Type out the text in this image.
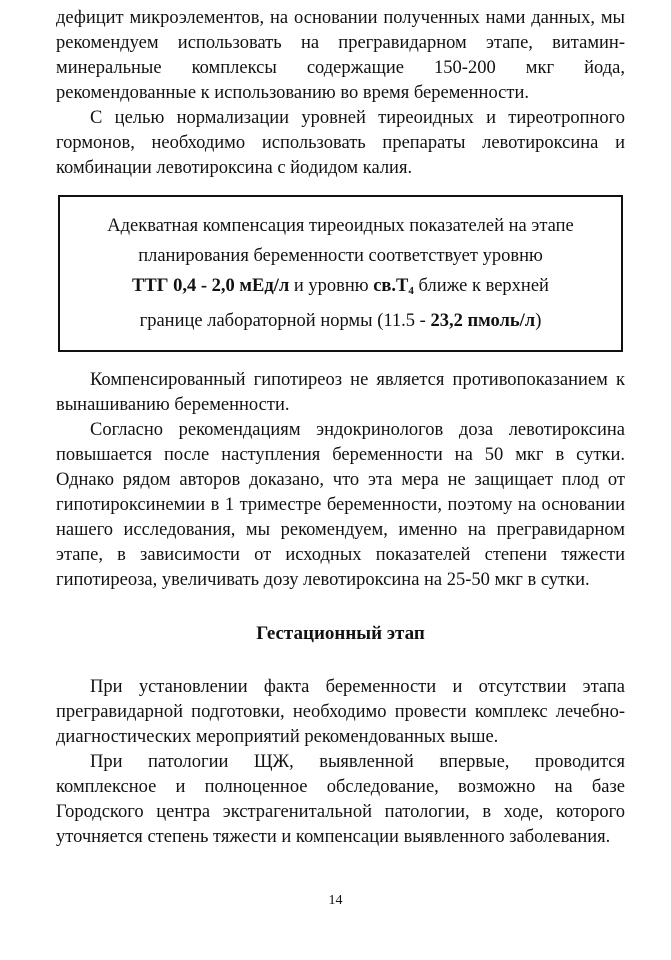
дефицит микроэлементов, на основании полученных нами данных, мы рекомендуем использовать на прегравидарном этапе, витамин-минеральные комплексы содержащие 150-200 мкг йода, рекомендованные к использованию во время беременности.

С целью нормализации уровней тиреоидных и тиреотропного гормонов, необходимо использовать препараты левотироксина и комбинации левотироксина с йодидом калия.

Адекватная компенсация тиреоидных показателей на этапе
планирования беременности соответствует уровню
ТТГ 0,4 - 2,0 мЕд/л и уровню $св.Т_4$ ближе к верхней
границе лабораторной нормы (11.5 - 23,2 пмоль/л)

Компенсированный гипотиреоз не является противопоказанием к вынашиванию беременности.

Согласно рекомендациям эндокринологов доза левотироксина повышается после наступления беременности на 50 мкг в сутки. Однако рядом авторов доказано, что эта мера не защищает плод от гипотироксинемии в 1 триместре беременности, поэтому на основании нашего исследования, мы рекомендуем, именно на прегравидарном этапе, в зависимости от исходных показателей степени тяжести гипотиреоза, увеличивать дозу левотироксина на 25-50 мкг в сутки.

Гестационный этап

При установлении факта беременности и отсутствии этапа прегравидарной подготовки, необходимо провести комплекс лечебно- диагностических мероприятий рекомендованных выше.

При патологии ЩЖ, выявленной впервые, проводится комплексное и полноценное обследование, возможно на базе Городского центра экстрагенитальной патологии, в ходе, которого уточняется степень тяжести и компенсации выявленного заболевания.

14
